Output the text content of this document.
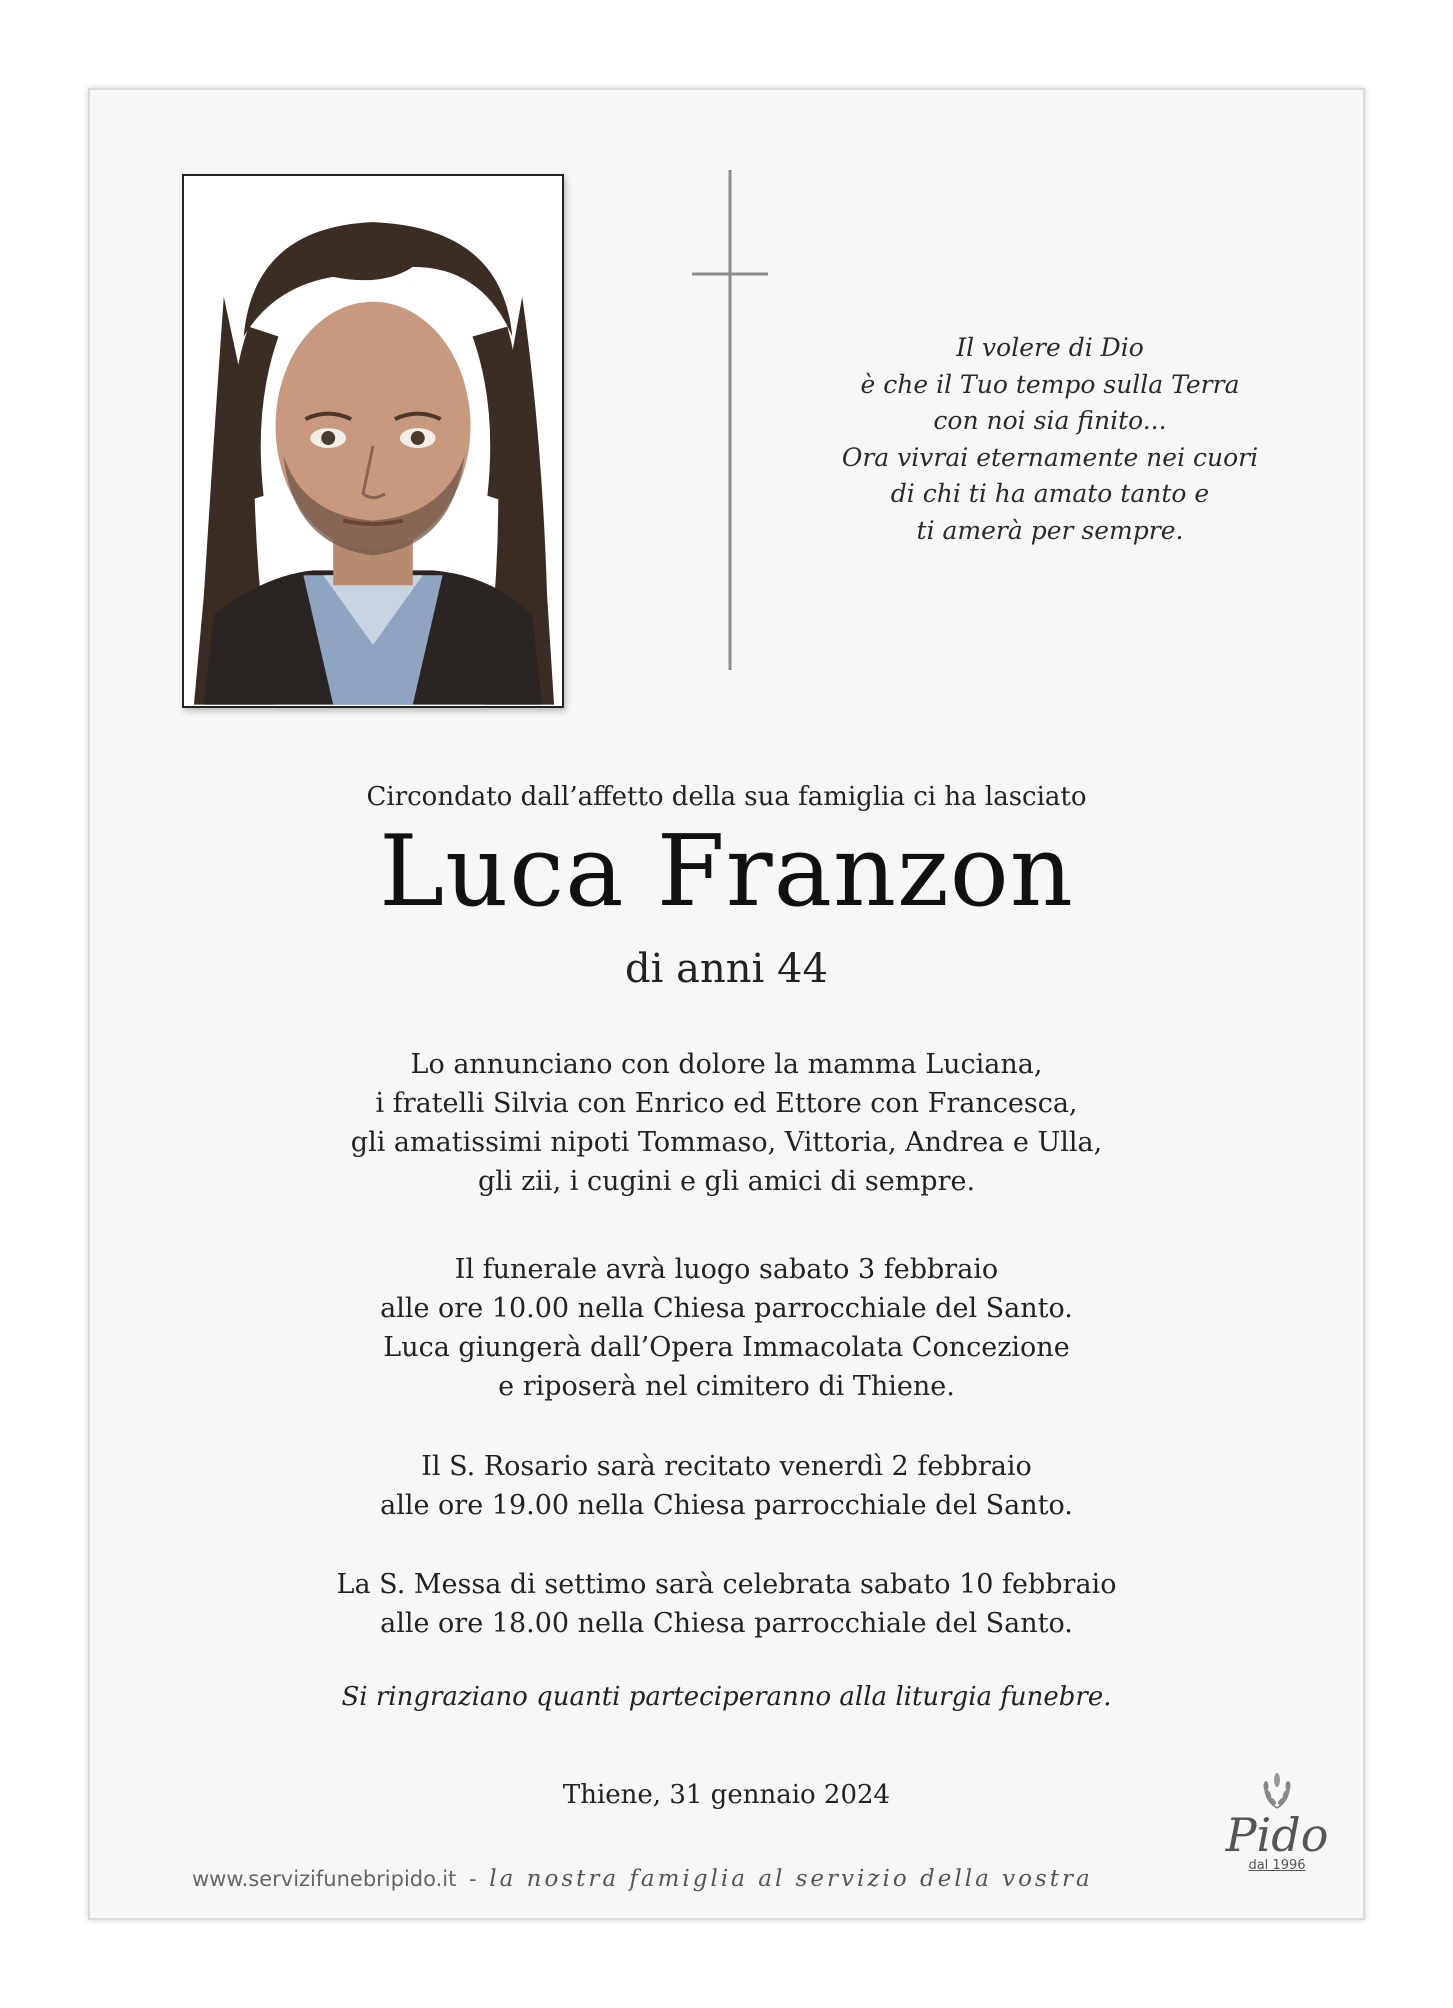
Il volere di Dio
è che il Tuo tempo sulla Terra
con noi sia finito...
Ora vivrai eternamente nei cuori
di chi ti ha amato tanto e
ti amerà per sempre.
Circondato dall’affetto della sua famiglia ci ha lasciato
Luca Franzon
di anni 44
Lo annunciano con dolore la mamma Luciana,
i fratelli Silvia con Enrico ed Ettore con Francesca,
gli amatissimi nipoti Tommaso, Vittoria, Andrea e Ulla,
gli zii, i cugini e gli amici di sempre.
Il funerale avrà luogo sabato 3 febbraio
alle ore 10.00 nella Chiesa parrocchiale del Santo.
Luca giungerà dall’Opera Immacolata Concezione
e riposerà nel cimitero di Thiene.
Il S. Rosario sarà recitato venerdì 2 febbraio
alle ore 19.00 nella Chiesa parrocchiale del Santo.
La S. Messa di settimo sarà celebrata sabato 10 febbraio
alle ore 18.00 nella Chiesa parrocchiale del Santo.
Si ringraziano quanti parteciperanno alla liturgia funebre.
Thiene, 31 gennaio 2024
www.servizifunebripido.it - la nostra famiglia al servizio della vostra
Pido
dal 1996
